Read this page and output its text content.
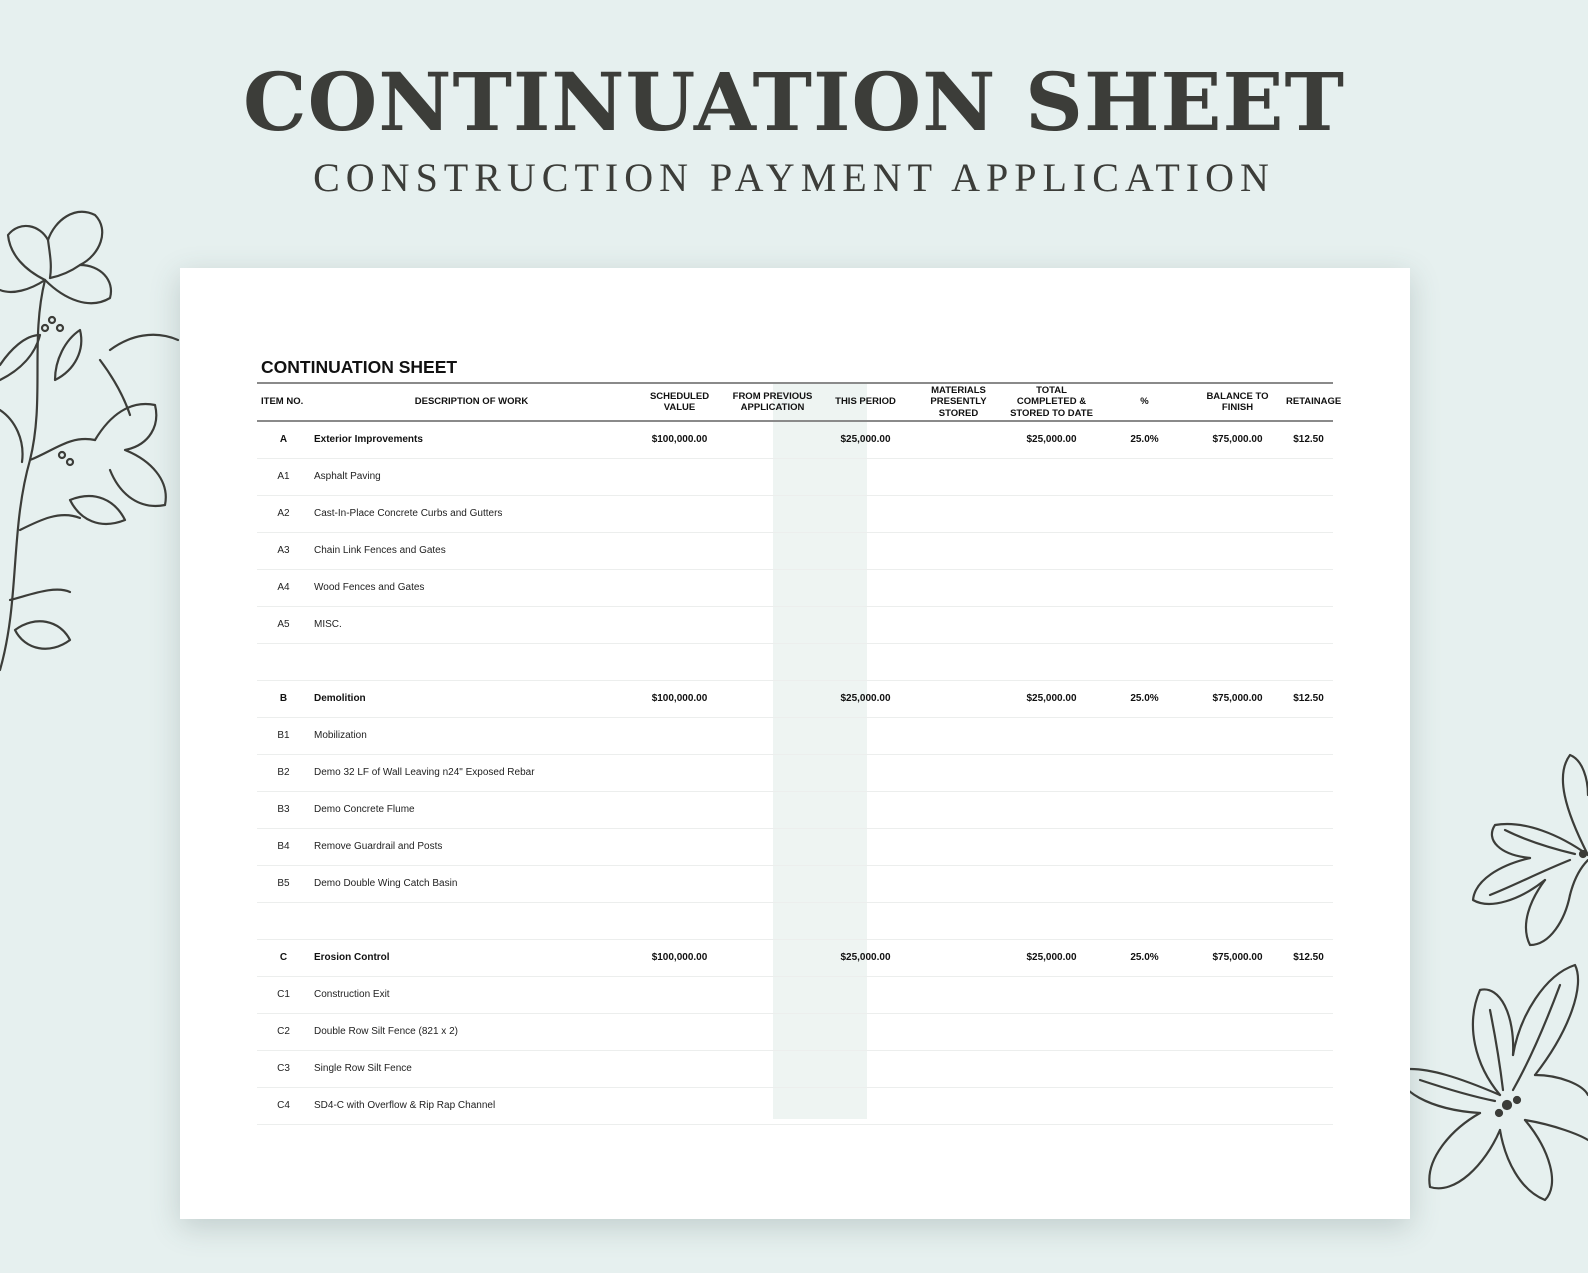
CONTINUATION SHEET
CONSTRUCTION PAYMENT APPLICATION
CONTINUATION SHEET
ITEM NO.	DESCRIPTION OF WORK	SCHEDULED VALUE	FROM PREVIOUS APPLICATION	THIS PERIOD	MATERIALS PRESENTLY STORED	TOTAL COMPLETED & STORED TO DATE	%	BALANCE TO FINISH	RETAINAGE
A	Exterior Improvements	$100,000.00		$25,000.00		$25,000.00	25.0%	$75,000.00	$12.50
A1	Asphalt Paving								
A2	Cast-In-Place Concrete Curbs and Gutters								
A3	Chain Link Fences and Gates								
A4	Wood Fences and Gates								
A5	MISC.								

B	Demolition	$100,000.00		$25,000.00		$25,000.00	25.0%	$75,000.00	$12.50
B1	Mobilization								
B2	Demo 32 LF of Wall Leaving n24" Exposed Rebar								
B3	Demo Concrete Flume								
B4	Remove Guardrail and Posts								
B5	Demo Double Wing Catch Basin								

C	Erosion Control	$100,000.00		$25,000.00		$25,000.00	25.0%	$75,000.00	$12.50
C1	Construction Exit								
C2	Double Row Silt Fence (821 x 2)								
C3	Single Row Silt Fence								
C4	SD4-C with Overflow & Rip Rap Channel								
